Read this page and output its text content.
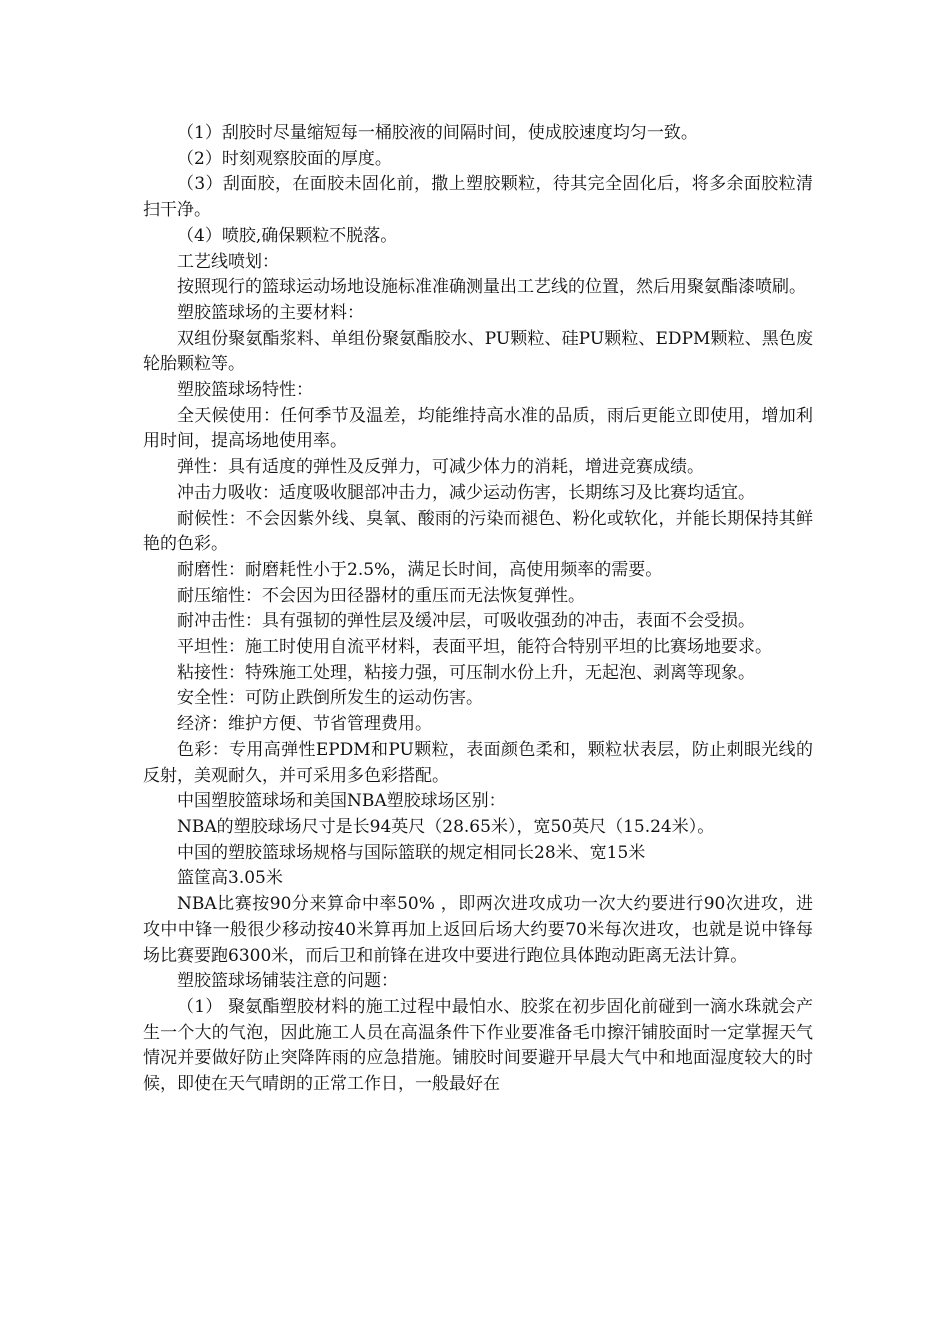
（1）刮胶时尽量缩短每一桶胶液的间隔时间，使成胶速度均匀一致。

（2）时刻观察胶面的厚度。

（3）刮面胶，在面胶未固化前，撒上塑胶颗粒，待其完全固化后，将多余面胶粒清扫干净。

（4）喷胶,确保颗粒不脱落。

工艺线喷划：

按照现行的篮球运动场地设施标准准确测量出工艺线的位置，然后用聚氨酯漆喷刷。

塑胶篮球场的主要材料：

双组份聚氨酯浆料、单组份聚氨酯胶水、PU颗粒、硅PU颗粒、EDPM颗粒、黑色废轮胎颗粒等。

塑胶篮球场特性：

全天候使用：任何季节及温差，均能维持高水准的品质，雨后更能立即使用，增加利用时间，提高场地使用率。

弹性：具有适度的弹性及反弹力，可减少体力的消耗，增进竞赛成绩。

冲击力吸收：适度吸收腿部冲击力，减少运动伤害，长期练习及比赛均适宜。

耐候性：不会因紫外线、臭氧、酸雨的污染而褪色、粉化或软化，并能长期保持其鲜艳的色彩。

耐磨性：耐磨耗性小于2.5%，满足长时间，高使用频率的需要。

耐压缩性：不会因为田径器材的重压而无法恢复弹性。

耐冲击性：具有强韧的弹性层及缓冲层，可吸收强劲的冲击，表面不会受损。

平坦性：施工时使用自流平材料，表面平坦，能符合特别平坦的比赛场地要求。

粘接性：特殊施工处理，粘接力强，可压制水份上升，无起泡、剥离等现象。

安全性：可防止跌倒所发生的运动伤害。

经济：维护方便、节省管理费用。

色彩：专用高弹性EPDM和PU颗粒，表面颜色柔和，颗粒状表层，防止刺眼光线的反射，美观耐久，并可采用多色彩搭配。

中国塑胶篮球场和美国NBA塑胶球场区别：

NBA的塑胶球场尺寸是长94英尺（28.65米），宽50英尺（15.24米）。

中国的塑胶篮球场规格与国际篮联的规定相同长28米、宽15米

篮筐高3.05米

NBA比赛按90分来算命中率50% ，即两次进攻成功一次大约要进行90次进攻，进攻中中锋一般很少移动按40米算再加上返回后场大约要70米每次进攻，也就是说中锋每场比赛要跑6300米，而后卫和前锋在进攻中要进行跑位具体跑动距离无法计算。

塑胶篮球场铺装注意的问题：

（1） 聚氨酯塑胶材料的施工过程中最怕水、胶浆在初步固化前碰到一滴水珠就会产生一个大的气泡，因此施工人员在高温条件下作业要准备毛巾擦汗铺胶面时一定掌握天气情况并要做好防止突降阵雨的应急措施。铺胶时间要避开早晨大气中和地面湿度较大的时候，即使在天气晴朗的正常工作日，一般最好在
